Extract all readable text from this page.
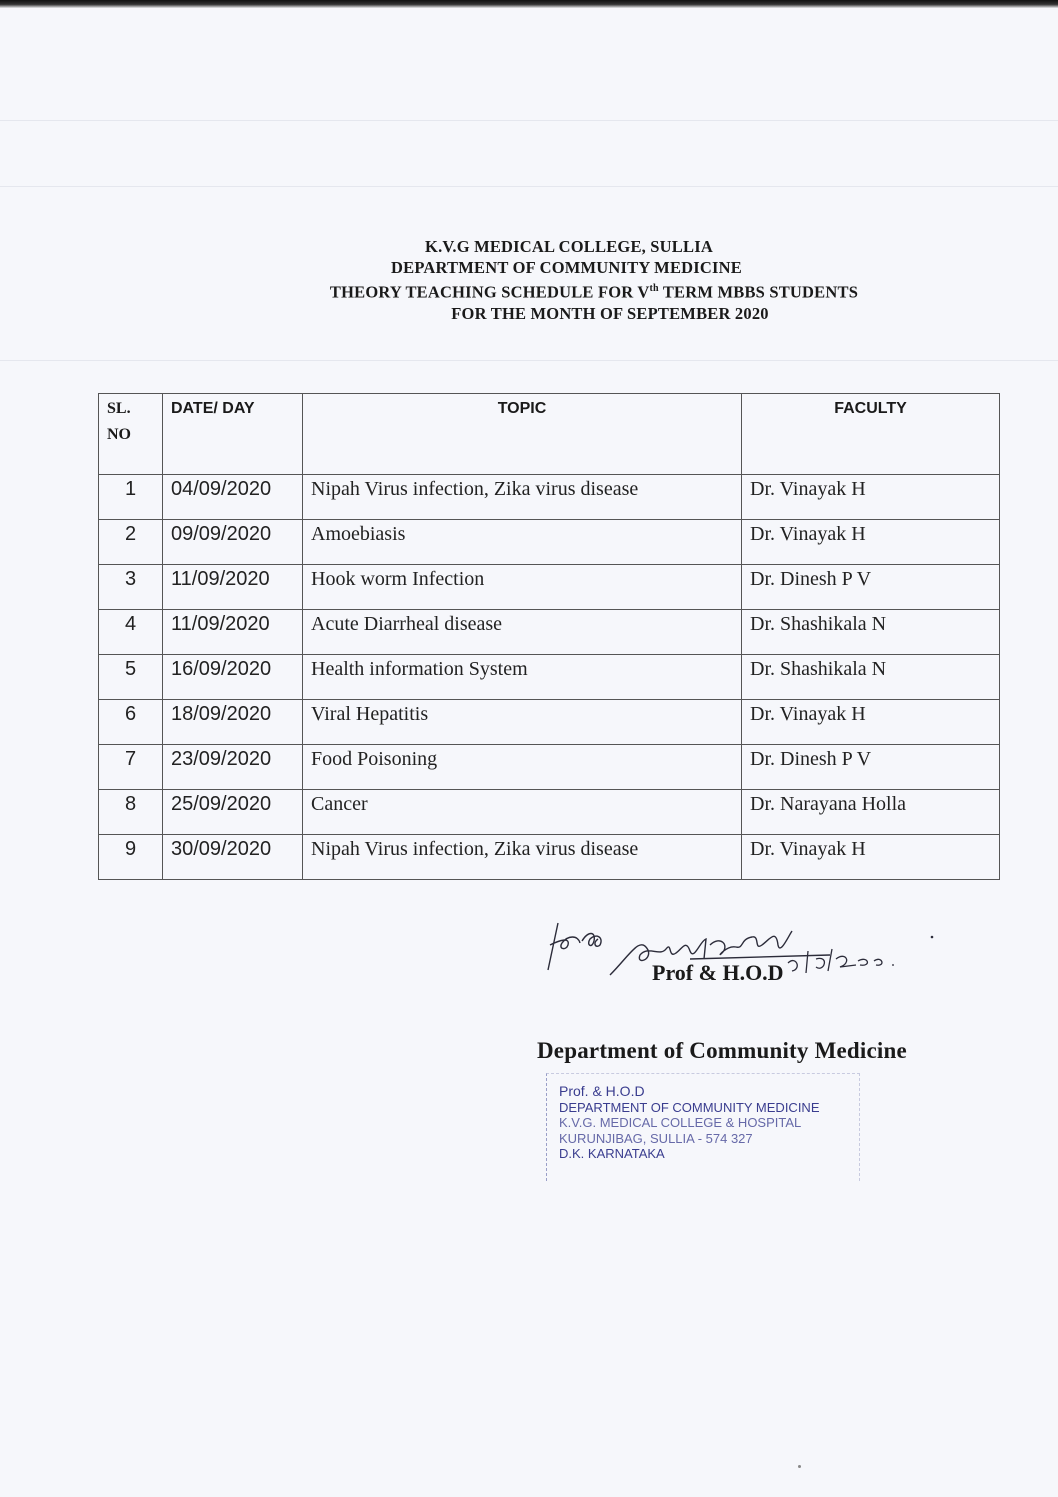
K.V.G MEDICAL COLLEGE, SULLIA
DEPARTMENT OF COMMUNITY MEDICINE
THEORY TEACHING SCHEDULE FOR Vth TERM MBBS STUDENTS
FOR THE MONTH OF SEPTEMBER 2020
SL.
NO	DATE/ DAY	TOPIC	FACULTY
1	04/09/2020	Nipah Virus infection, Zika virus disease	Dr. Vinayak H
2	09/09/2020	Amoebiasis	Dr. Vinayak H
3	11/09/2020	Hook worm Infection	Dr. Dinesh P V
4	11/09/2020	Acute Diarrheal disease	Dr. Shashikala N
5	16/09/2020	Health information System	Dr. Shashikala N
6	18/09/2020	Viral Hepatitis	Dr. Vinayak H
7	23/09/2020	Food Poisoning	Dr. Dinesh P V
8	25/09/2020	Cancer	Dr. Narayana Holla
9	30/09/2020	Nipah Virus infection, Zika virus disease	Dr. Vinayak H
Prof & H.O.D
Department of Community Medicine
Prof. & H.O.D
DEPARTMENT OF COMMUNITY MEDICINE
K.V.G. MEDICAL COLLEGE & HOSPITAL
KURUNJIBAG, SULLIA - 574 327
D.K. KARNATAKA
